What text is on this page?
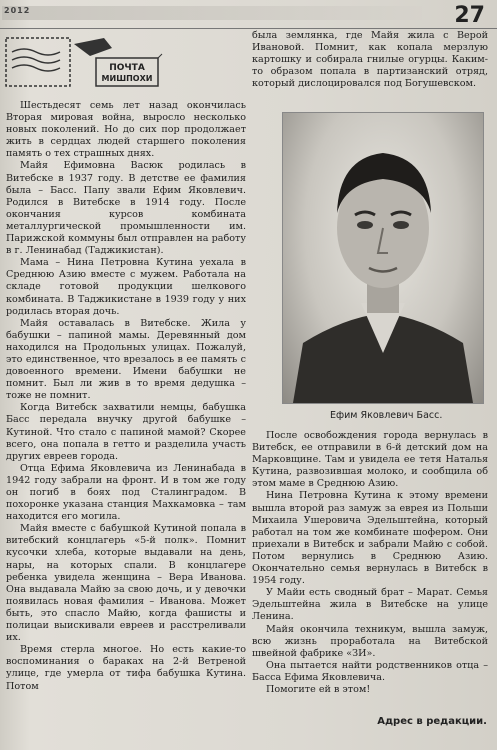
2012	27
ПОЧТА
МИШПОХИ

была землянка, где Майя жила с Верой Ивановой. Помнит, как копала мерзлую картошку и собирала гнилые огурцы. Каким-то образом попала в партизанский отряд, который дислоцировался под Богушевском.

Шестьдесят семь лет назад окончилась Вторая мировая война, выросло несколько новых поколений. Но до сих пор продолжает жить в сердцах людей старшего поколения память о тех страшных днях.

Майя Ефимовна Васюк родилась в Витебске в 1937 году. В детстве ее фамилия была – Басс. Папу звали Ефим Яковлевич. Родился в Витебске в 1914 году. После окончания курсов комбината металлургической промышленности им. Парижской коммуны был отправлен на работу в г. Ленинабад (Таджикистан).

Мама – Нина Петровна Кутина уехала в Среднюю Азию вместе с мужем. Работала на складе готовой продукции шелкового комбината. В Таджикистане в 1939 году у них родилась вторая дочь.

Майя оставалась в Витебске. Жила у бабушки – папиной мамы. Деревянный дом находился на Продольных улицах. Пожалуй, это единственное, что врезалось в ее память с довоенного времени. Имени бабушки не помнит. Был ли жив в то время дедушка – тоже не помнит.

Когда Витебск захватили немцы, бабушка Басс передала внучку другой бабушке – Кутиной. Что стало с папиной мамой? Скорее всего, она попала в гетто и разделила участь других евреев города.

Отца Ефима Яковлевича из Ленинабада в 1942 году забрали на фронт. И в том же году он погиб в боях под Сталинградом. В похоронке указана станция Махкамовка – там находится его могила.

Майя вместе с бабушкой Кутиной попала в витебский концлагерь «5-й полк». Помнит кусочки хлеба, которые выдавали на день, нары, на которых спали. В концлагере ребенка увидела женщина – Вера Иванова. Она выдавала Майю за свою дочь, и у девочки появилась новая фамилия – Иванова. Может быть, это спасло Майю, когда фашисты и полицаи выискивали евреев и расстреливали их.

Время стерла многое. Но есть какие-то воспоминания о бараках на 2-й Ветреной улице, где умерла от тифа бабушка Кутина. Потом

Ефим Яковлевич Басс.

После освобождения города вернулась в Витебск, ее отправили в 6-й детский дом на Марковщине. Там и увидела ее тетя Наталья Кутина, развозившая молоко, и сообщила об этом маме в Среднюю Азию.

Нина Петровна Кутина к этому времени вышла второй раз замуж за еврея из Польши Михаила Ушеровича Эдельштейна, который работал на том же комбинате шофером. Они приехали в Витебск и забрали Майю с собой. Потом вернулись в Среднюю Азию. Окончательно семья вернулась в Витебск в 1954 году.

У Майи есть сводный брат – Марат. Семья Эдельштейна жила в Витебске на улице Ленина.

Майя окончила техникум, вышла замуж, всю жизнь проработала на Витебской швейной фабрике «ЗИ».

Она пытается найти родственников отца – Басса Ефима Яковлевича.

Помогите ей в этом!

Адрес в редакции.
